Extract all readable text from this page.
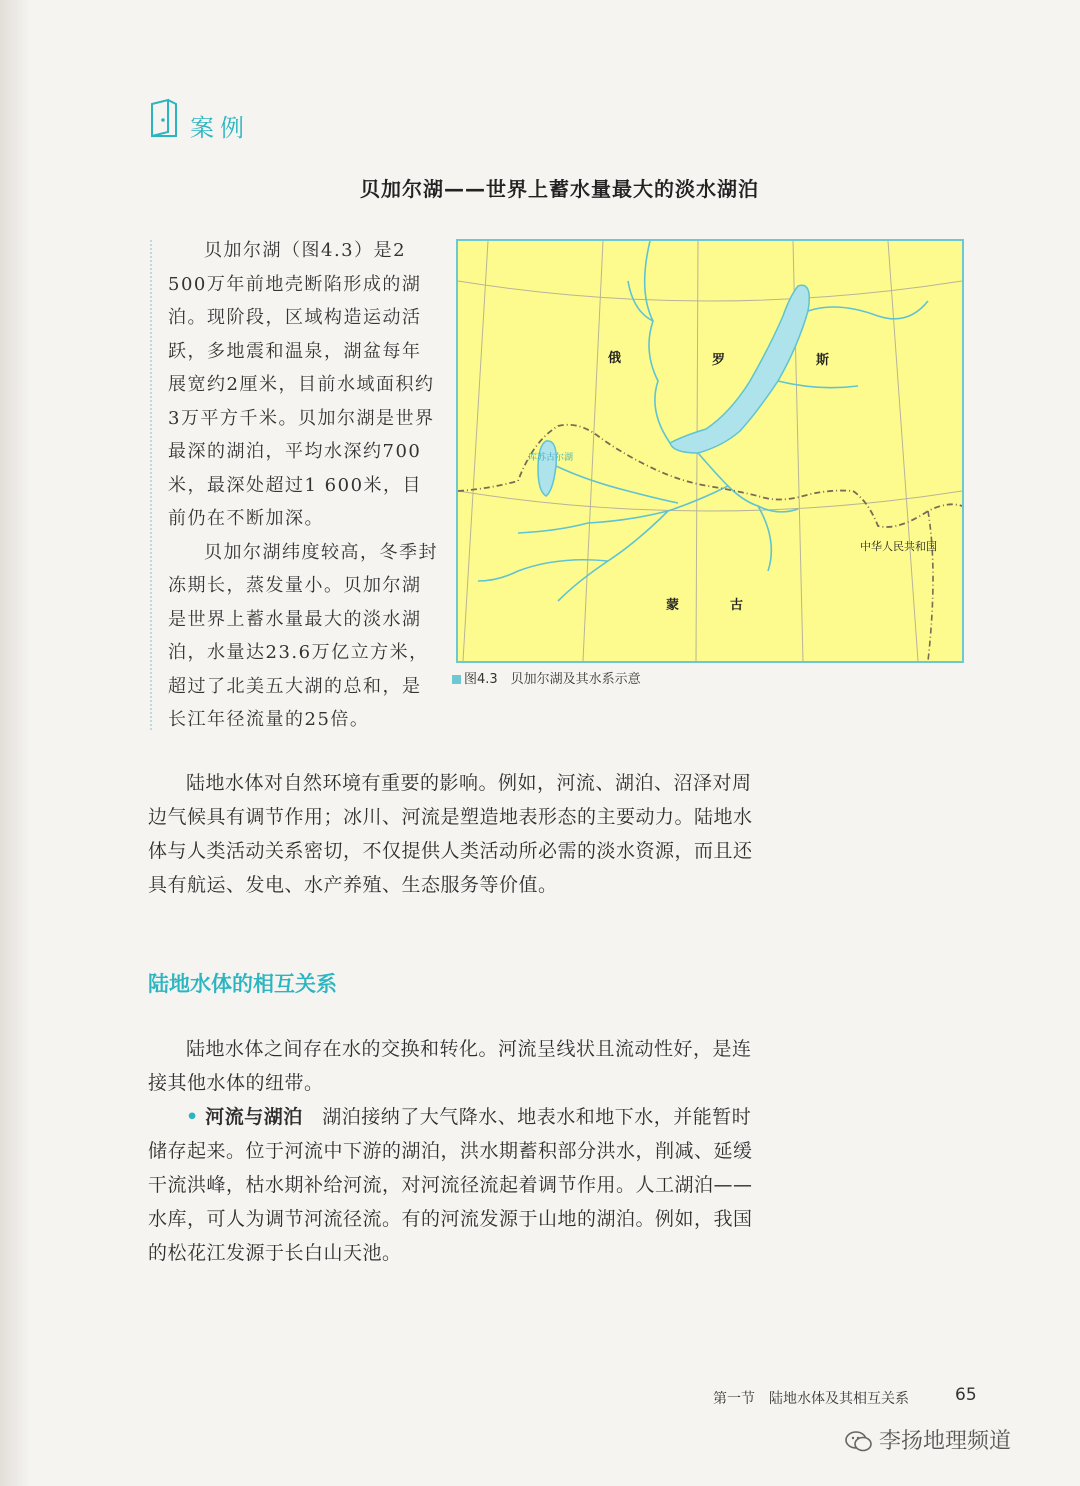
案例
贝加尔湖——世界上蓄水量最大的淡水湖泊

贝加尔湖（图4.3）是2 500万年前地壳断陷形成的湖泊。现阶段，区域构造运动活跃，多地震和温泉，湖盆每年展宽约2厘米，目前水域面积约3万平方千米。贝加尔湖是世界最深的湖泊，平均水深约700米，最深处超过1 600米，目前仍在不断加深。

贝加尔湖纬度较高，冬季封冻期长，蒸发量小。贝加尔湖是世界上蓄水量最大的淡水湖泊，水量达23.6万亿立方米，超过了北美五大湖的总和，是长江年径流量的25倍。

俄	罗	斯
蒙	古
中华人民共和国
库苏古尔湖
图4.3　贝加尔湖及其水系示意

陆地水体对自然环境有重要的影响。例如，河流、湖泊、沼泽对周边气候具有调节作用；冰川、河流是塑造地表形态的主要动力。陆地水体与人类活动关系密切，不仅提供人类活动所必需的淡水资源，而且还具有航运、发电、水产养殖、生态服务等价值。

陆地水体的相互关系

陆地水体之间存在水的交换和转化。河流呈线状且流动性好，是连接其他水体的纽带。

• 河流与湖泊　 湖泊接纳了大气降水、地表水和地下水，并能暂时储存起来。位于河流中下游的湖泊，洪水期蓄积部分洪水，削减、延缓干流洪峰，枯水期补给河流，对河流径流起着调节作用。人工湖泊——水库，可人为调节河流径流。有的河流发源于山地的湖泊。例如，我国的松花江发源于长白山天池。

第一节　陆地水体及其相互关系	65
李扬地理频道
